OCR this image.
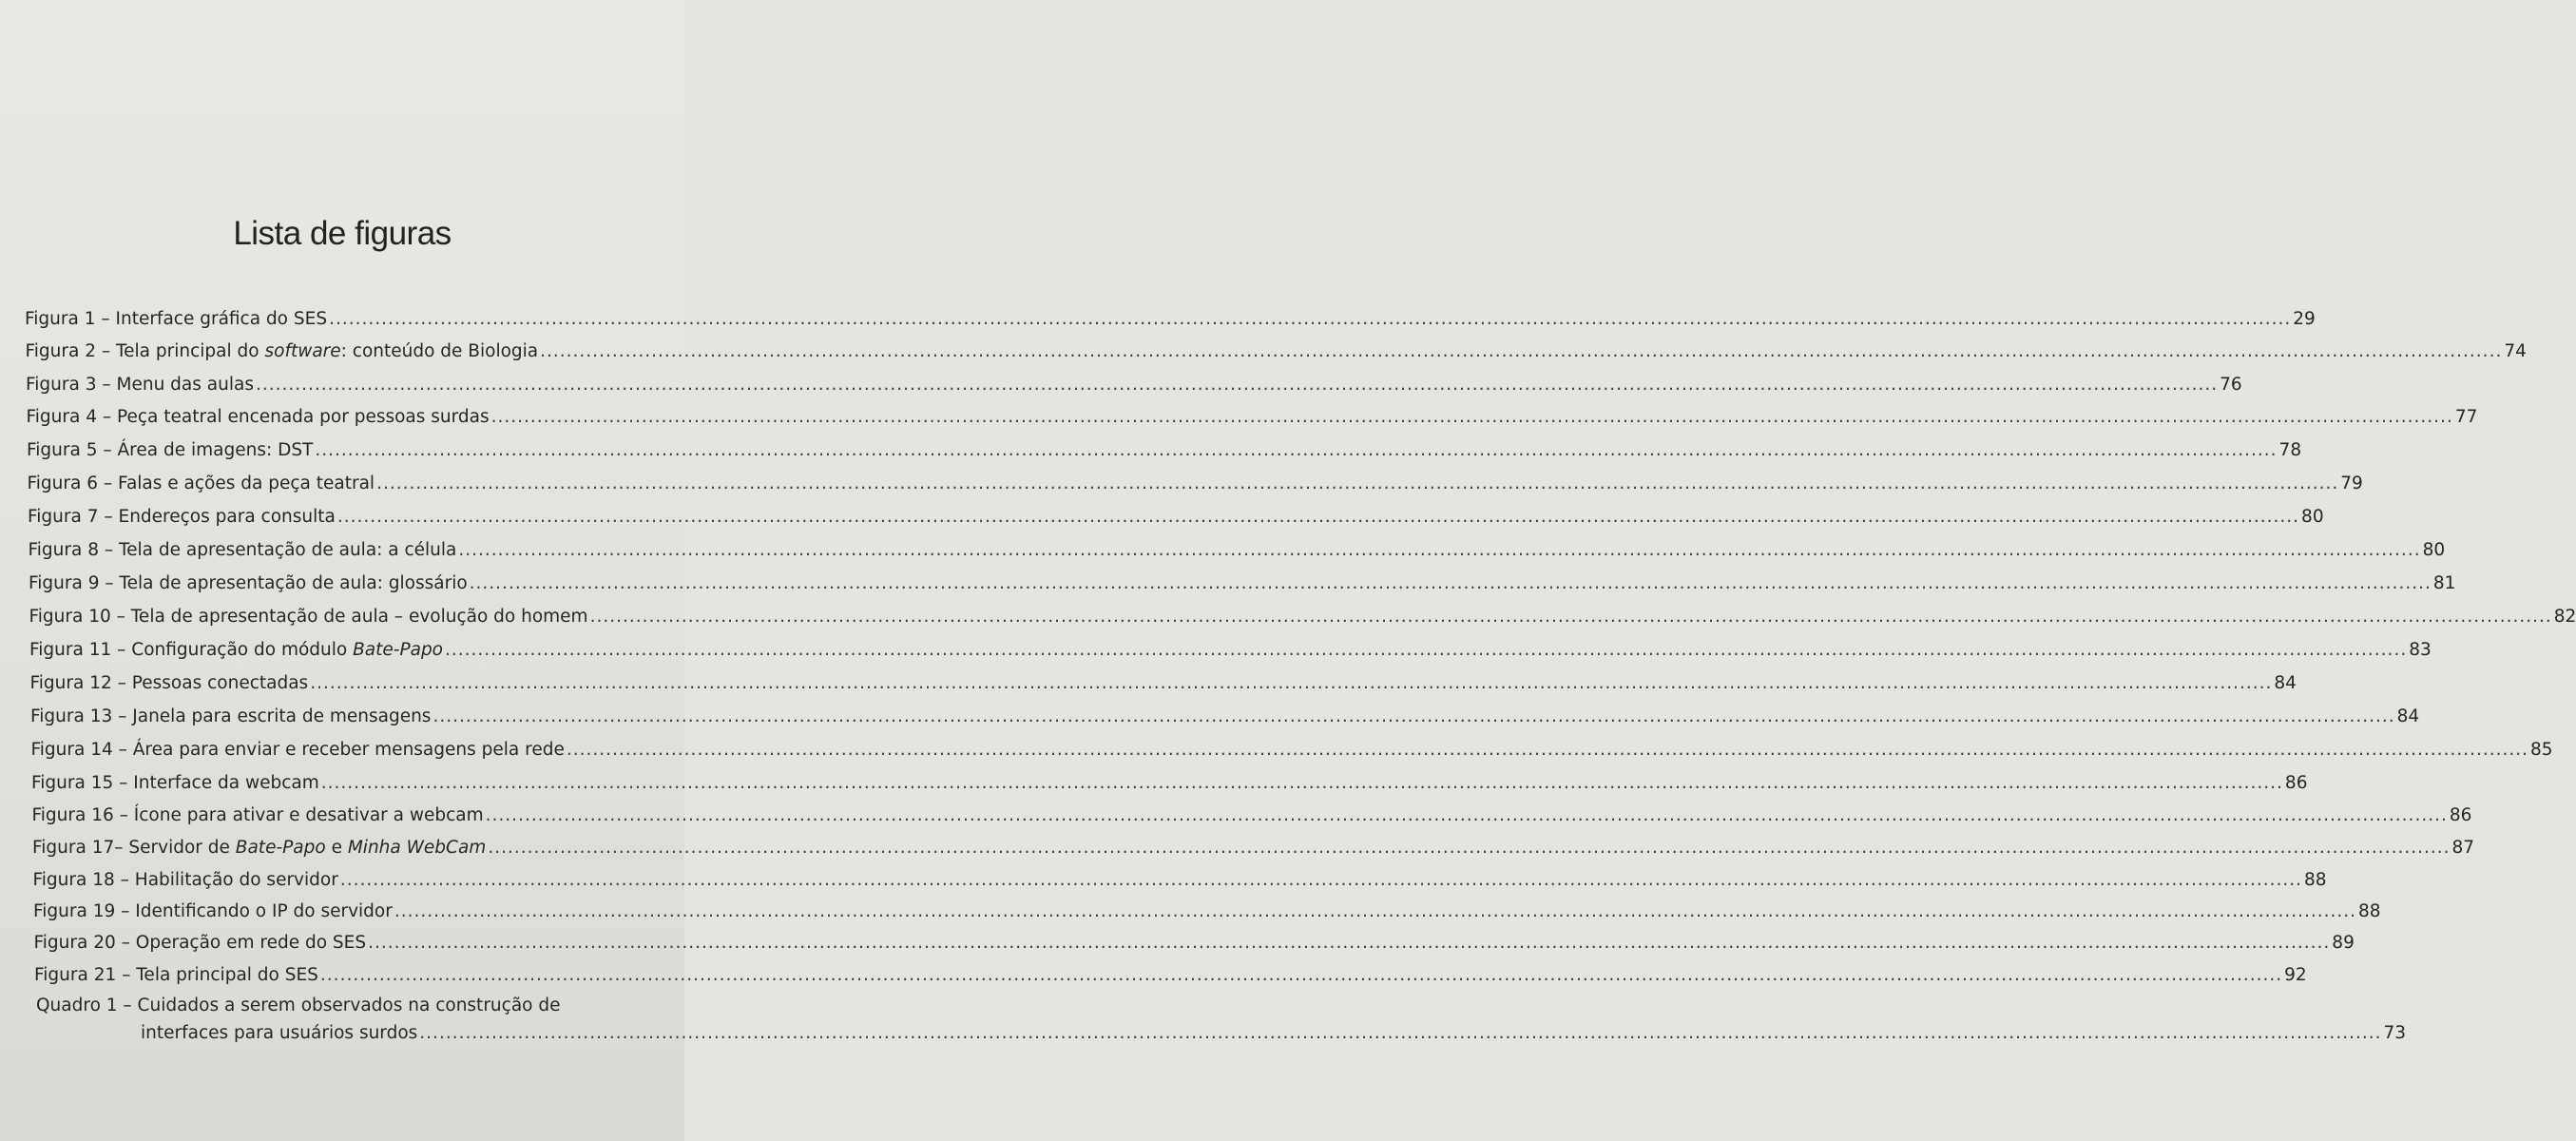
Lista de figuras
Figura 1 – Interface gráfica do SES ............................................................................................................................................................................................................................................................................................................ 29
Figura 2 – Tela principal do software: conteúdo de Biologia ............................................................................................................................................................................................................................................................................................................ 74
Figura 3 – Menu das aulas ............................................................................................................................................................................................................................................................................................................ 76
Figura 4 – Peça teatral encenada por pessoas surdas ............................................................................................................................................................................................................................................................................................................ 77
Figura 5 – Área de imagens: DST ............................................................................................................................................................................................................................................................................................................ 78
Figura 6 – Falas e ações da peça teatral ............................................................................................................................................................................................................................................................................................................ 79
Figura 7 – Endereços para consulta ............................................................................................................................................................................................................................................................................................................ 80
Figura 8 – Tela de apresentação de aula: a célula ............................................................................................................................................................................................................................................................................................................ 80
Figura 9 – Tela de apresentação de aula: glossário ............................................................................................................................................................................................................................................................................................................ 81
Figura 10 – Tela de apresentação de aula – evolução do homem ............................................................................................................................................................................................................................................................................................................ 82
Figura 11 – Configuração do módulo Bate-Papo ............................................................................................................................................................................................................................................................................................................ 83
Figura 12 – Pessoas conectadas ............................................................................................................................................................................................................................................................................................................ 84
Figura 13 – Janela para escrita de mensagens ............................................................................................................................................................................................................................................................................................................ 84
Figura 14 – Área para enviar e receber mensagens pela rede ............................................................................................................................................................................................................................................................................................................ 85
Figura 15 – Interface da webcam ............................................................................................................................................................................................................................................................................................................ 86
Figura 16 – Ícone para ativar e desativar a webcam ............................................................................................................................................................................................................................................................................................................ 86
Figura 17– Servidor de Bate-Papo e Minha WebCam ............................................................................................................................................................................................................................................................................................................ 87
Figura 18 – Habilitação do servidor ............................................................................................................................................................................................................................................................................................................ 88
Figura 19 – Identificando o IP do servidor ............................................................................................................................................................................................................................................................................................................ 88
Figura 20 – Operação em rede do SES ............................................................................................................................................................................................................................................................................................................ 89
Figura 21 – Tela principal do SES ............................................................................................................................................................................................................................................................................................................ 92
Quadro 1 – Cuidados a serem observados na construção de
interfaces para usuários surdos ............................................................................................................................................................................................................................................................................................................ 73
